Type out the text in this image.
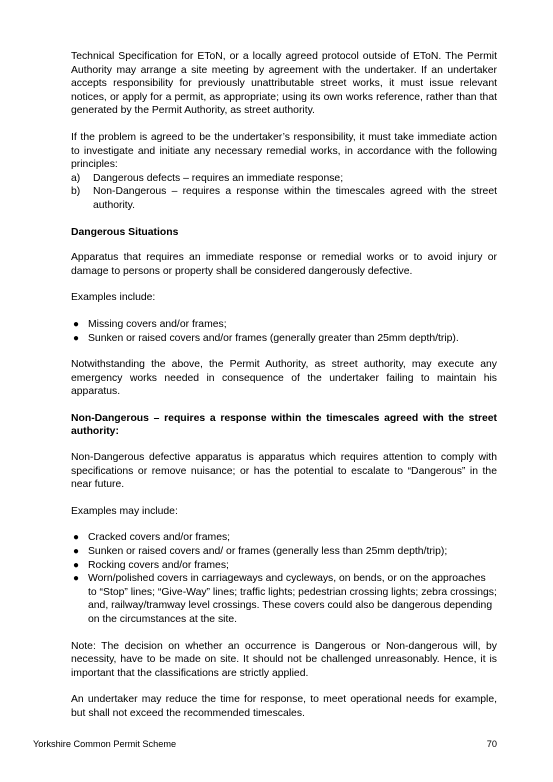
Technical Specification for EToN, or a locally agreed protocol outside of EToN. The Permit Authority may arrange a site meeting by agreement with the undertaker. If an undertaker accepts responsibility for previously unattributable street works, it must issue relevant notices, or apply for a permit, as appropriate; using its own works reference, rather than that generated by the Permit Authority, as street authority.

If the problem is agreed to be the undertaker’s responsibility, it must take immediate action to investigate and initiate any necessary remedial works, in accordance with the following principles:

a) Dangerous defects – requires an immediate response;
b) Non-Dangerous – requires a response within the timescales agreed with the street authority.
Dangerous Situations

Apparatus that requires an immediate response or remedial works or to avoid injury or damage to persons or property shall be considered dangerously defective.

Examples include:

● Missing covers and/or frames;
● Sunken or raised covers and/or frames (generally greater than 25mm depth/trip).

Notwithstanding the above, the Permit Authority, as street authority, may execute any emergency works needed in consequence of the undertaker failing to maintain his apparatus.

Non-Dangerous – requires a response within the timescales agreed with the street authority:

Non-Dangerous defective apparatus is apparatus which requires attention to comply with specifications or remove nuisance; or has the potential to escalate to “Dangerous” in the near future.

Examples may include:

● Cracked covers and/or frames;
● Sunken or raised covers and/ or frames (generally less than 25mm depth/trip);
● Rocking covers and/or frames;
● Worn/polished covers in carriageways and cycleways, on bends, or on the approaches to “Stop” lines; “Give-Way” lines; traffic lights; pedestrian crossing lights; zebra crossings; and, railway/tramway level crossings. These covers could also be dangerous depending on the circumstances at the site.

Note: The decision on whether an occurrence is Dangerous or Non-dangerous will, by necessity, have to be made on site. It should not be challenged unreasonably. Hence, it is important that the classifications are strictly applied.

An undertaker may reduce the time for response, to meet operational needs for example, but shall not exceed the recommended timescales.

Yorkshire Common Permit Scheme	70
